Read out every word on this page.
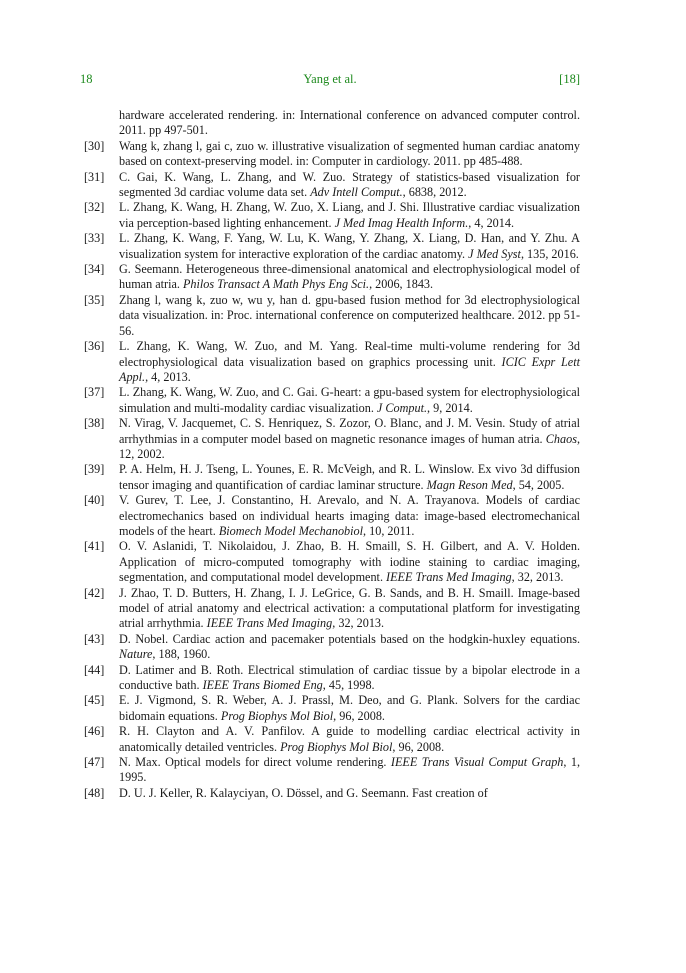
18	Yang et al.	[18]
hardware accelerated rendering. in: International conference on advanced computer control. 2011. pp 497-501.
[30] Wang k, zhang l, gai c, zuo w. illustrative visualization of segmented human cardiac anatomy based on context-preserving model. in: Computer in cardiology. 2011. pp 485-488.
[31] C. Gai, K. Wang, L. Zhang, and W. Zuo. Strategy of statistics-based visualization for segmented 3d cardiac volume data set. Adv Intell Comput., 6838, 2012.
[32] L. Zhang, K. Wang, H. Zhang, W. Zuo, X. Liang, and J. Shi. Illustrative cardiac visualization via perception-based lighting enhancement. J Med Imag Health Inform., 4, 2014.
[33] L. Zhang, K. Wang, F. Yang, W. Lu, K. Wang, Y. Zhang, X. Liang, D. Han, and Y. Zhu. A visualization system for interactive exploration of the cardiac anatomy. J Med Syst, 135, 2016.
[34] G. Seemann. Heterogeneous three-dimensional anatomical and electrophysiological model of human atria. Philos Transact A Math Phys Eng Sci., 2006, 1843.
[35] Zhang l, wang k, zuo w, wu y, han d. gpu-based fusion method for 3d electrophysiological data visualization. in: Proc. international conference on computerized healthcare. 2012. pp 51-56.
[36] L. Zhang, K. Wang, W. Zuo, and M. Yang. Real-time multi-volume rendering for 3d electrophysiological data visualization based on graphics processing unit. ICIC Expr Lett Appl., 4, 2013.
[37] L. Zhang, K. Wang, W. Zuo, and C. Gai. G-heart: a gpu-based system for electrophysiological simulation and multi-modality cardiac visualization. J Comput., 9, 2014.
[38] N. Virag, V. Jacquemet, C. S. Henriquez, S. Zozor, O. Blanc, and J. M. Vesin. Study of atrial arrhythmias in a computer model based on magnetic resonance images of human atria. Chaos, 12, 2002.
[39] P. A. Helm, H. J. Tseng, L. Younes, E. R. McVeigh, and R. L. Winslow. Ex vivo 3d diffusion tensor imaging and quantification of cardiac laminar structure. Magn Reson Med, 54, 2005.
[40] V. Gurev, T. Lee, J. Constantino, H. Arevalo, and N. A. Trayanova. Models of cardiac electromechanics based on individual hearts imaging data: image-based electromechanical models of the heart. Biomech Model Mechanobiol, 10, 2011.
[41] O. V. Aslanidi, T. Nikolaidou, J. Zhao, B. H. Smaill, S. H. Gilbert, and A. V. Holden. Application of micro-computed tomography with iodine staining to cardiac imaging, segmentation, and computational model development. IEEE Trans Med Imaging, 32, 2013.
[42] J. Zhao, T. D. Butters, H. Zhang, I. J. LeGrice, G. B. Sands, and B. H. Smaill. Image-based model of atrial anatomy and electrical activation: a computational platform for investigating atrial arrhythmia. IEEE Trans Med Imaging, 32, 2013.
[43] D. Nobel. Cardiac action and pacemaker potentials based on the hodgkin-huxley equations. Nature, 188, 1960.
[44] D. Latimer and B. Roth. Electrical stimulation of cardiac tissue by a bipolar electrode in a conductive bath. IEEE Trans Biomed Eng, 45, 1998.
[45] E. J. Vigmond, S. R. Weber, A. J. Prassl, M. Deo, and G. Plank. Solvers for the cardiac bidomain equations. Prog Biophys Mol Biol, 96, 2008.
[46] R. H. Clayton and A. V. Panfilov. A guide to modelling cardiac electrical activity in anatomically detailed ventricles. Prog Biophys Mol Biol, 96, 2008.
[47] N. Max. Optical models for direct volume rendering. IEEE Trans Visual Comput Graph, 1, 1995.
[48] D. U. J. Keller, R. Kalayciyan, O. Dössel, and G. Seemann. Fast creation of
